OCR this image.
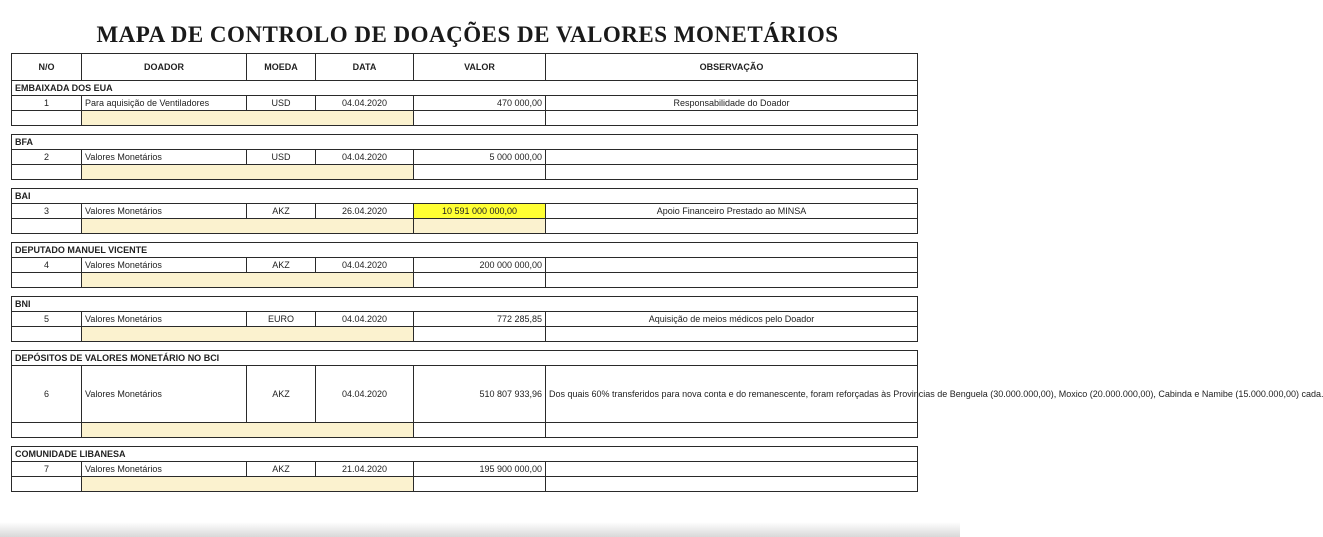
MAPA DE CONTROLO DE DOAÇÕES DE VALORES MONETÁRIOS
N/O	DOADOR	MOEDA	DATA	VALOR	OBSERVAÇÃO
EMBAIXADA DOS EUA					
1	Para aquisição de Ventiladores	USD	04.04.2020	470 000,00	Responsabilidade do Doador

BFA					
2	Valores Monetários	USD	04.04.2020	5 000 000,00	

BAI					
3	Valores Monetários	AKZ	26.04.2020	10 591 000 000,00	Apoio Financeiro Prestado ao MINSA

DEPUTADO MANUEL VICENTE					
4	Valores Monetários	AKZ	04.04.2020	200 000 000,00	

BNI					
5	Valores Monetários	EURO	04.04.2020	772 285,85	Aquisição de meios médicos pelo Doador

DEPÓSITOS DE VALORES MONETÁRIO NO BCI					
6	Valores Monetários	AKZ	04.04.2020	510 807 933,96	Dos quais 60% transferidos para nova conta e do remanescente, foram reforçadas às Provincias de Benguela (30.000.000,00), Moxico (20.000.000,00), Cabinda e Namibe (15.000.000,00) cada.

COMUNIDADE LIBANESA					
7	Valores Monetários	AKZ	21.04.2020	195 900 000,00	
